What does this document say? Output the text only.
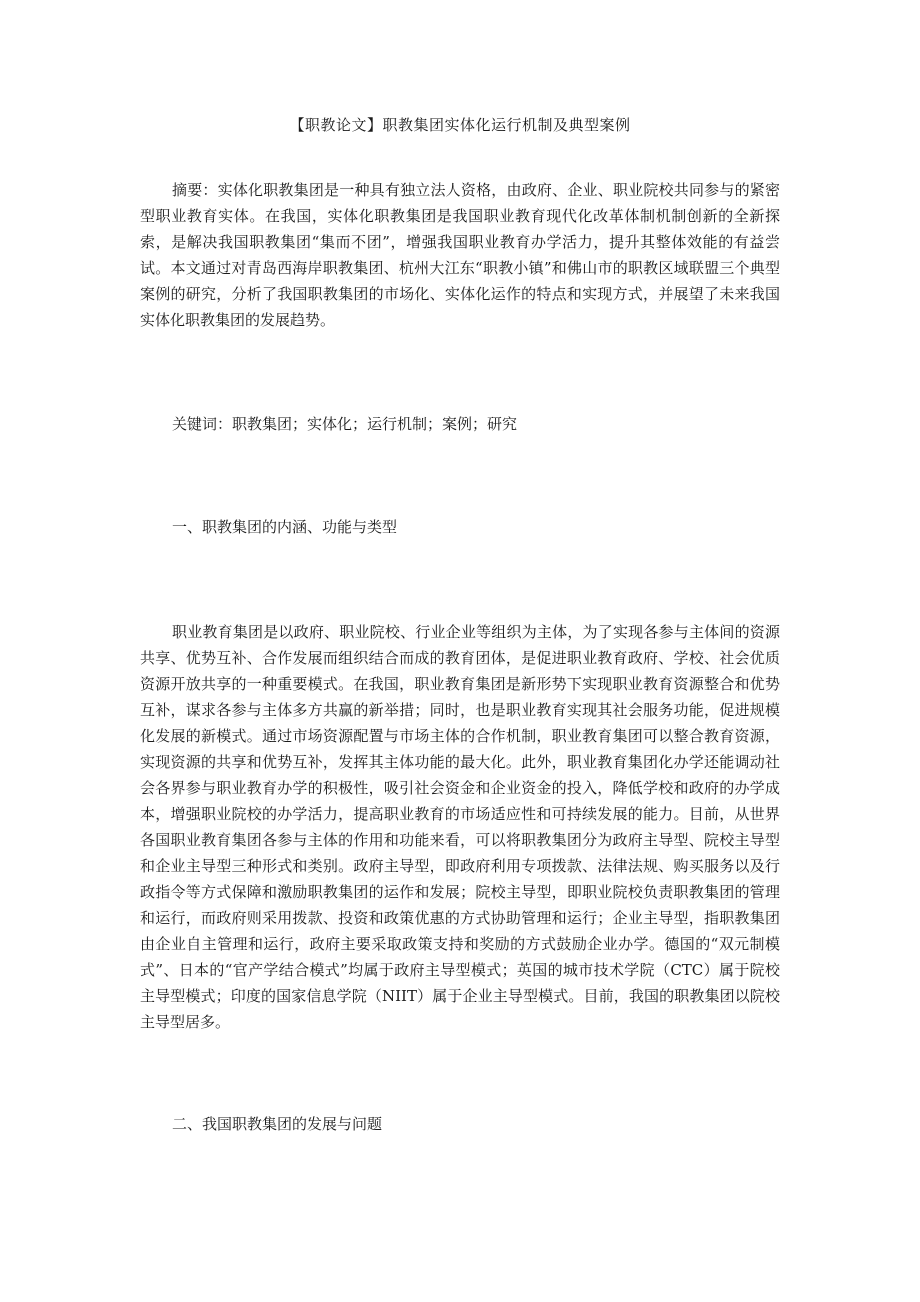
【职教论文】职教集团实体化运行机制及典型案例

摘要：实体化职教集团是一种具有独立法人资格，由政府、企业、职业院校共同参与的紧密型职业教育实体。在我国，实体化职教集团是我国职业教育现代化改革体制机制创新的全新探索，是解决我国职教集团“集而不团”，增强我国职业教育办学活力，提升其整体效能的有益尝试。本文通过对青岛西海岸职教集团、杭州大江东“职教小镇”和佛山市的职教区域联盟三个典型案例的研究，分析了我国职教集团的市场化、实体化运作的特点和实现方式，并展望了未来我国实体化职教集团的发展趋势。

关键词：职教集团；实体化；运行机制；案例；研究

一、职教集团的内涵、功能与类型

职业教育集团是以政府、职业院校、行业企业等组织为主体，为了实现各参与主体间的资源共享、优势互补、合作发展而组织结合而成的教育团体，是促进职业教育政府、学校、社会优质资源开放共享的一种重要模式。在我国，职业教育集团是新形势下实现职业教育资源整合和优势互补，谋求各参与主体多方共赢的新举措；同时，也是职业教育实现其社会服务功能，促进规模化发展的新模式。通过市场资源配置与市场主体的合作机制，职业教育集团可以整合教育资源，实现资源的共享和优势互补，发挥其主体功能的最大化。此外，职业教育集团化办学还能调动社会各界参与职业教育办学的积极性，吸引社会资金和企业资金的投入，降低学校和政府的办学成本，增强职业院校的办学活力，提高职业教育的市场适应性和可持续发展的能力。目前，从世界各国职业教育集团各参与主体的作用和功能来看，可以将职教集团分为政府主导型、院校主导型和企业主导型三种形式和类别。政府主导型，即政府利用专项拨款、法律法规、购买服务以及行政指令等方式保障和激励职教集团的运作和发展；院校主导型，即职业院校负责职教集团的管理和运行，而政府则采用拨款、投资和政策优惠的方式协助管理和运行；企业主导型，指职教集团由企业自主管理和运行，政府主要采取政策支持和奖励的方式鼓励企业办学。德国的“双元制模式”、日本的“官产学结合模式”均属于政府主导型模式；英国的城市技术学院（CTC）属于院校主导型模式；印度的国家信息学院（NIIT）属于企业主导型模式。目前，我国的职教集团以院校主导型居多。

二、我国职教集团的发展与问题
